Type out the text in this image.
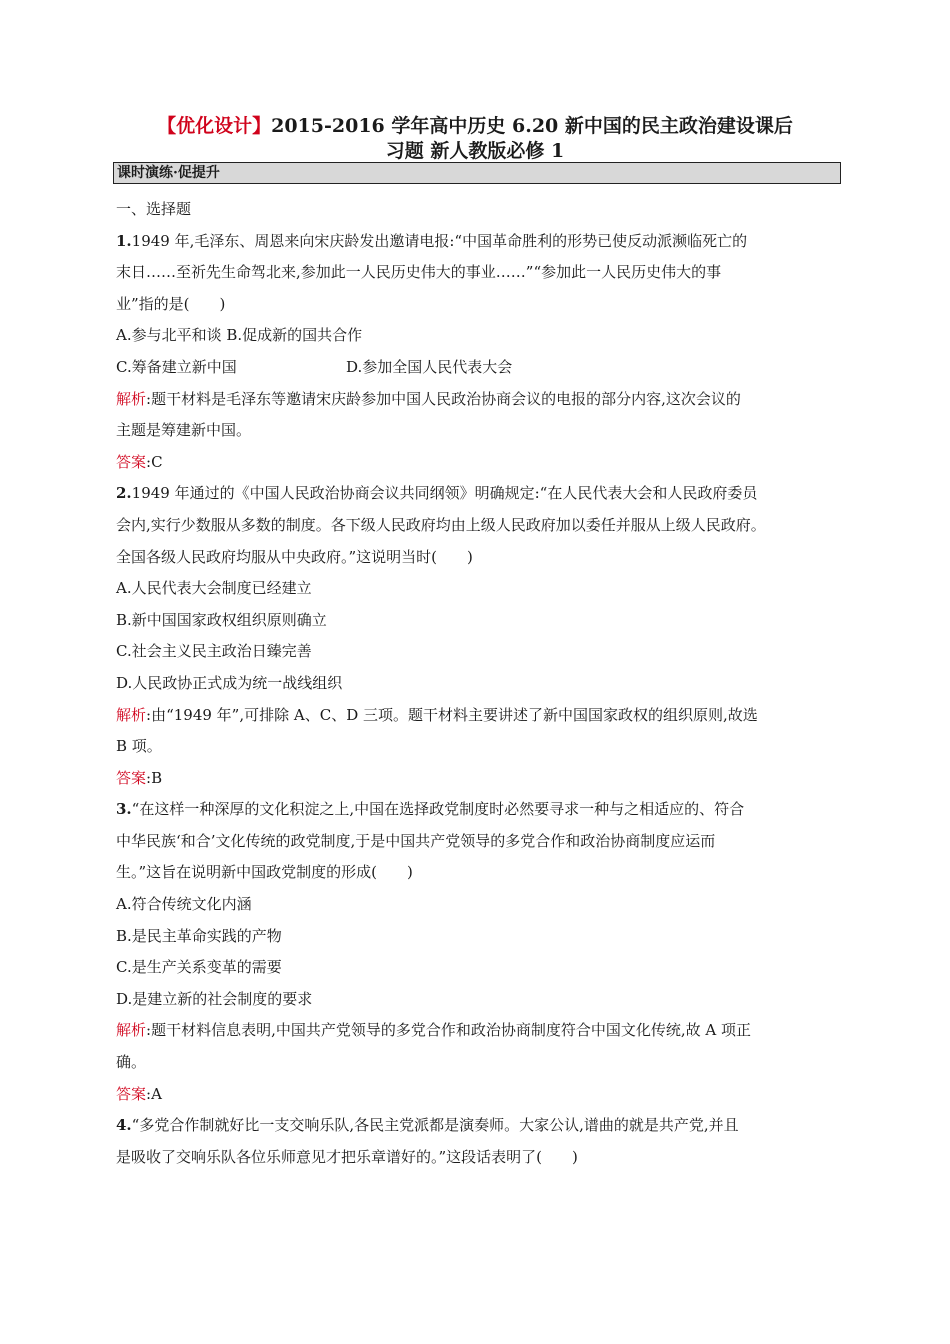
【优化设计】2015-2016 学年高中历史 6.20 新中国的民主政治建设课后
习题 新人教版必修 1
课时演练·促提升
一、选择题
1.1949 年,毛泽东、周恩来向宋庆龄发出邀请电报:“中国革命胜利的形势已使反动派濒临死亡的
末日……至祈先生命驾北来,参加此一人民历史伟大的事业……”“参加此一人民历史伟大的事
业”指的是(　　)
A.参与北平和谈 B.促成新的国共合作
C.筹备建立新中国	D.参加全国人民代表大会
解析:题干材料是毛泽东等邀请宋庆龄参加中国人民政治协商会议的电报的部分内容,这次会议的
主题是筹建新中国。
答案:C
2.1949 年通过的《中国人民政治协商会议共同纲领》明确规定:“在人民代表大会和人民政府委员
会内,实行少数服从多数的制度。各下级人民政府均由上级人民政府加以委任并服从上级人民政府。
全国各级人民政府均服从中央政府。”这说明当时(　　)
A.人民代表大会制度已经建立
B.新中国国家政权组织原则确立
C.社会主义民主政治日臻完善
D.人民政协正式成为统一战线组织
解析:由“1949 年”,可排除 A、C、D 三项。题干材料主要讲述了新中国国家政权的组织原则,故选
B 项。
答案:B
3.“在这样一种深厚的文化积淀之上,中国在选择政党制度时必然要寻求一种与之相适应的、符合
中华民族‘和合’文化传统的政党制度,于是中国共产党领导的多党合作和政治协商制度应运而
生。”这旨在说明新中国政党制度的形成(　　)
A.符合传统文化内涵
B.是民主革命实践的产物
C.是生产关系变革的需要
D.是建立新的社会制度的要求
解析:题干材料信息表明,中国共产党领导的多党合作和政治协商制度符合中国文化传统,故 A 项正
确。
答案:A
4.“多党合作制就好比一支交响乐队,各民主党派都是演奏师。大家公认,谱曲的就是共产党,并且
是吸收了交响乐队各位乐师意见才把乐章谱好的。”这段话表明了(　　)
